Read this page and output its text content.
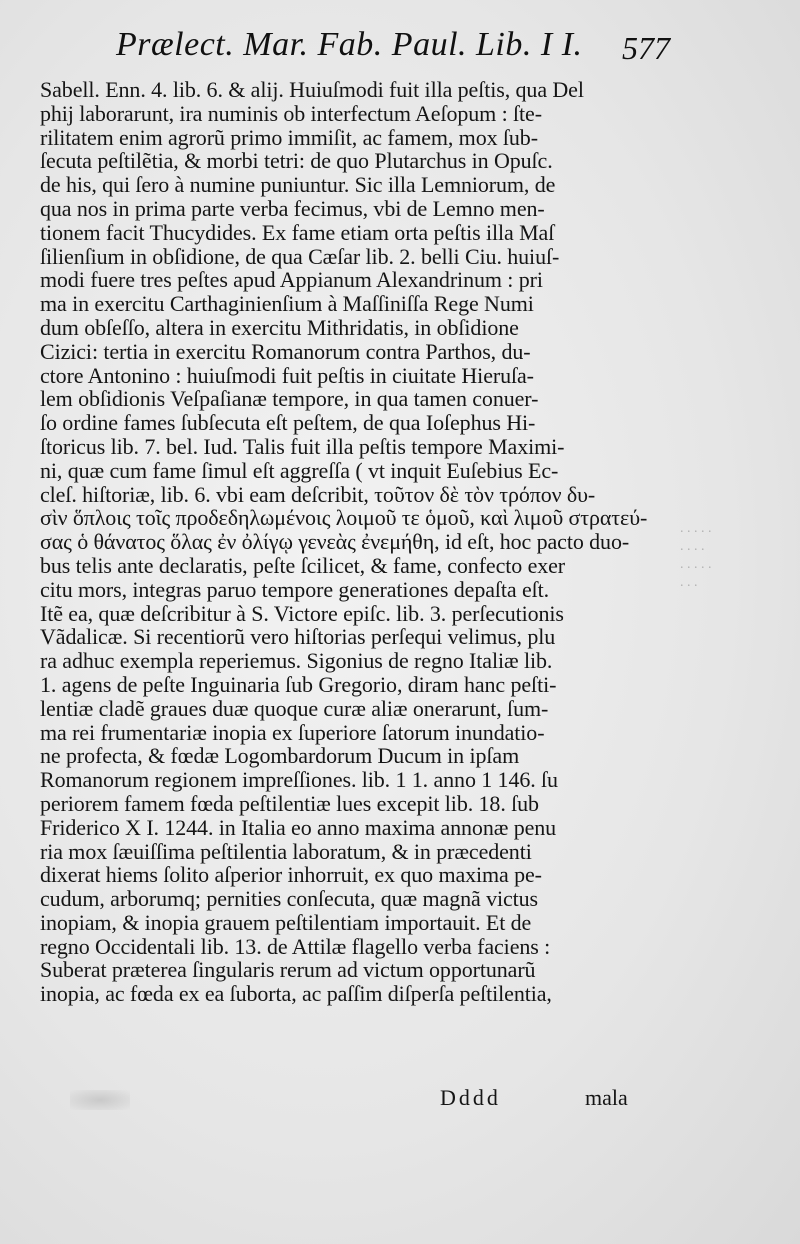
Prælect. Mar. Fab. Paul. Lib. I I. 577
Sabell. Enn. 4. lib. 6. & alij. Huiuſmodi fuit illa peſtis, qua Del
phij laborarunt, ira numinis ob interfectum Aeſopum : ſte-
rilitatem enim agrorũ primo immiſit, ac famem, mox ſub-
ſecuta peſtilẽtia, & morbi tetri: de quo Plutarchus in Opuſc.
de his, qui ſero à numine puniuntur. Sic illa Lemniorum, de
qua nos in prima parte verba fecimus, vbi de Lemno men-
tionem facit Thucydides. Ex fame etiam orta peſtis illa Maſ
ſilienſium in obſidione, de qua Cæſar lib. 2. belli Ciu. huiuſ-
modi fuere tres peſtes apud Appianum Alexandrinum : pri
ma in exercitu Carthaginienſium à Maſſiniſſa Rege Numi
dum obſeſſo, altera in exercitu Mithridatis, in obſidione
Cizici: tertia in exercitu Romanorum contra Parthos, du-
ctore Antonino : huiuſmodi fuit peſtis in ciuitate Hieruſa-
lem obſidionis Veſpaſianæ tempore, in qua tamen conuer-
ſo ordine fames ſubſecuta eſt peſtem, de qua Ioſephus Hi-
ſtoricus lib. 7. bel. Iud. Talis fuit illa peſtis tempore Maximi-
ni, quæ cum fame ſimul eſt aggreſſa ( vt inquit Euſebius Ec-
cleſ. hiſtoriæ, lib. 6. vbi eam deſcribit, τοῦτον δὲ τὸν τρόπον δυ-
σὶν ὅπλοις τοῖς προδεδηλωμένοις λοιμοῦ τε ὁμοῦ, καὶ λιμοῦ στρατεύ-
σας ὁ θάνατος ὅλας ἐν ὀλίγῳ γενεὰς ἐνεμήθη, id eſt, hoc pacto duo-
bus telis ante declaratis, peſte ſcilicet, & fame, confecto exer
citu mors, integras paruo tempore generationes depaſta eſt.
Itẽ ea, quæ deſcribitur à S. Victore epiſc. lib. 3. perſecutionis
Vãdalicæ. Si recentiorũ vero hiſtorias perſequi velimus, plu
ra adhuc exempla reperiemus. Sigonius de regno Italiæ lib.
1. agens de peſte Inguinaria ſub Gregorio, diram hanc peſti-
lentiæ cladẽ graues duæ quoque curæ aliæ onerarunt, ſum-
ma rei frumentariæ inopia ex ſuperiore ſatorum inundatio-
ne profecta, & fœdæ Logombardorum Ducum in ipſam
Romanorum regionem impreſſiones. lib. 1 1. anno 1 146. ſu
periorem famem fœda peſtilentiæ lues excepit lib. 18. ſub
Friderico X I. 1244. in Italia eo anno maxima annonæ penu
ria mox ſæuiſſima peſtilentia laboratum, & in præcedenti
dixerat hiems ſolito aſperior inhorruit, ex quo maxima pe-
cudum, arborumq; pernities conſecuta, quæ magnã victus
inopiam, & inopia grauem peſtilentiam importauit. Et de
regno Occidentali lib. 13. de Attilæ flagello verba faciens :
Suberat præterea ſingularis rerum ad victum opportunarũ
inopia, ac fœda ex ea ſuborta, ac paſſim diſperſa peſtilentia,
. . . . .
. . . .
. . . . .
. . .
Dddd	mala
